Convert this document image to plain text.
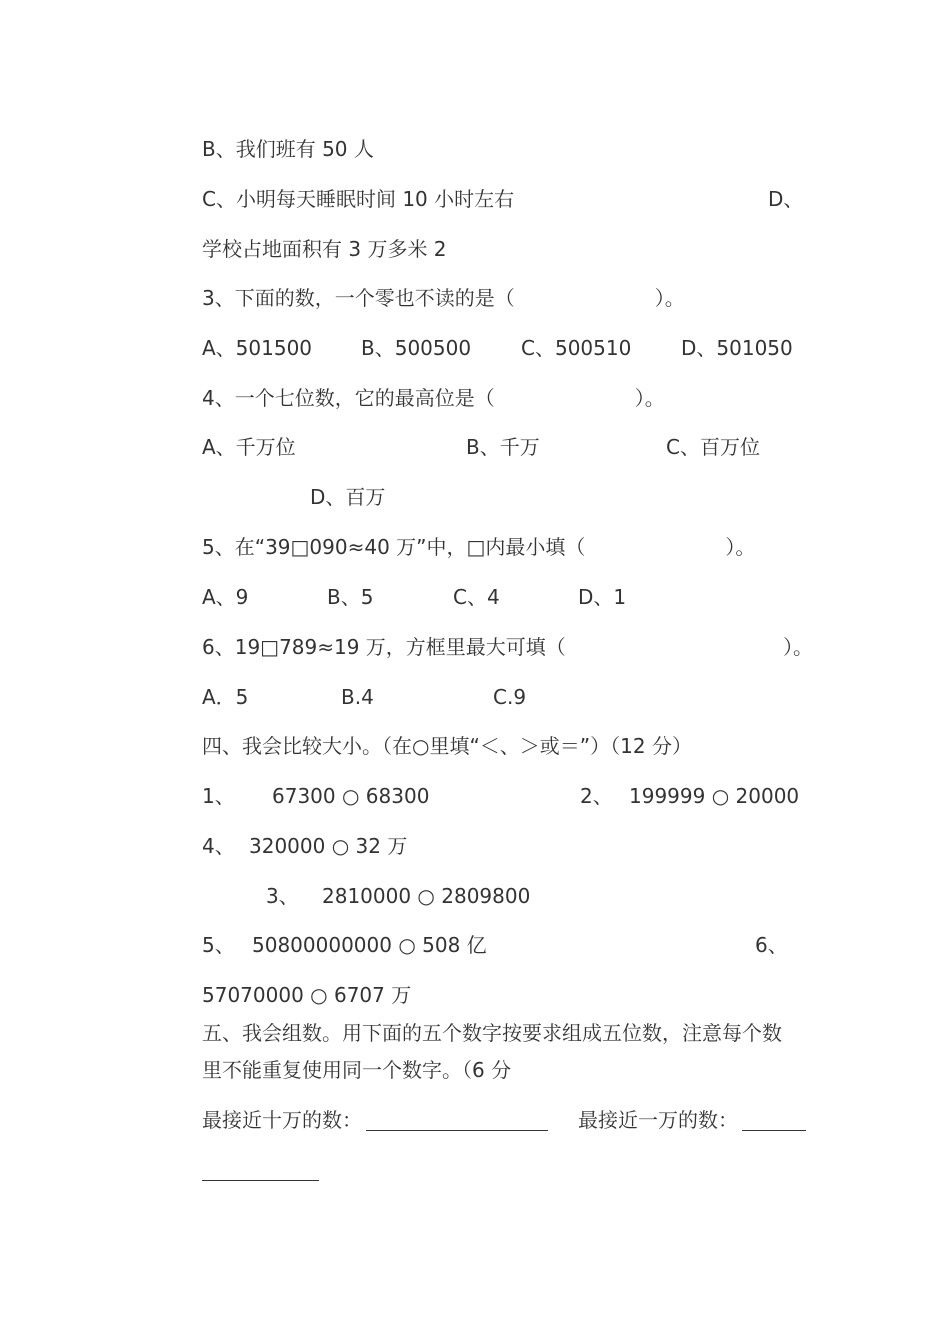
B、我们班有 50 人
C、小明每天睡眠时间 10 小时左右	D、
学校占地面积有 3 万多米 2
3、下面的数，一个零也不读的是（　　　　　　　）。
A、501500 B、500500 C、500510 D、501050
4、一个七位数，它的最高位是（　　　　　　　）。
A、千万位	B、千万	C、百万位
D、百万
5、在“39□090≈40 万”中，□内最小填（　　　　　　　）。
A、9	B、5	C、4	D、1
6、19□789≈19 万，方框里最大可填（	）。
A．5	B.4	C.9
四、我会比较大小。（在○里填“＜、＞或＝”）（12 分）
1、 67300 ○ 68300	2、 199999 ○ 20000
4、 320000 ○ 32 万
3、 2810000 ○ 2809800
5、 50800000000 ○ 508 亿	6、
57070000 ○ 6707 万
五、我会组数。用下面的五个数字按要求组成五位数，注意每个数
里不能重复使用同一个数字。（6 分
最接近十万的数：	最接近一万的数：
